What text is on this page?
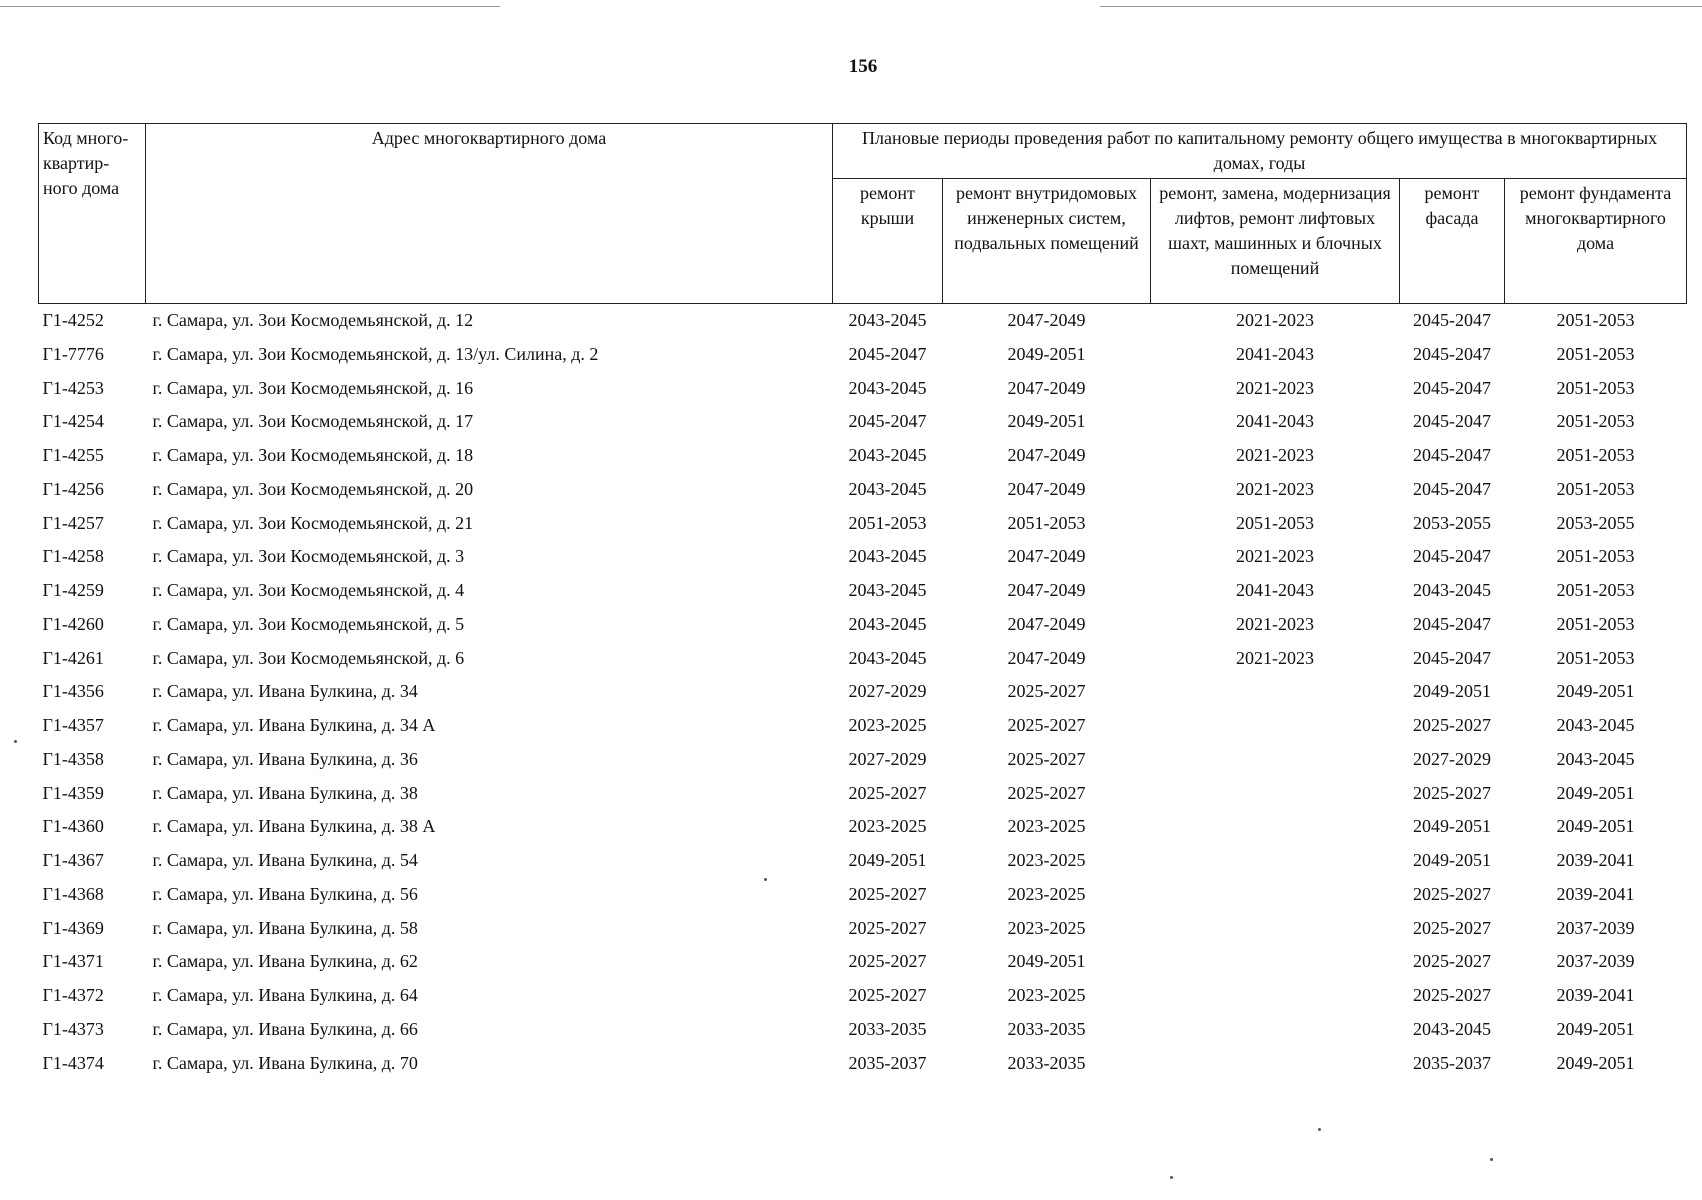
156
Код много-квартир-ного дома	Адрес многоквартирного дома	Плановые периоды проведения работ по капитальному ремонту общего имущества в многоквартирных домах, годы				
		ремонт крыши	ремонт внутридомовых инженерных систем, подвальных помещений	ремонт, замена, модернизация лифтов, ремонт лифтовых шахт, машинных и блочных помещений	ремонт фасада	ремонт фундамента многоквартирного дома
Г1-4252	г. Самара, ул. Зои Космодемьянской, д. 12	2043-2045	2047-2049	2021-2023	2045-2047	2051-2053
Г1-7776	г. Самара, ул. Зои Космодемьянской, д. 13/ул. Силина, д. 2	2045-2047	2049-2051	2041-2043	2045-2047	2051-2053
Г1-4253	г. Самара, ул. Зои Космодемьянской, д. 16	2043-2045	2047-2049	2021-2023	2045-2047	2051-2053
Г1-4254	г. Самара, ул. Зои Космодемьянской, д. 17	2045-2047	2049-2051	2041-2043	2045-2047	2051-2053
Г1-4255	г. Самара, ул. Зои Космодемьянской, д. 18	2043-2045	2047-2049	2021-2023	2045-2047	2051-2053
Г1-4256	г. Самара, ул. Зои Космодемьянской, д. 20	2043-2045	2047-2049	2021-2023	2045-2047	2051-2053
Г1-4257	г. Самара, ул. Зои Космодемьянской, д. 21	2051-2053	2051-2053	2051-2053	2053-2055	2053-2055
Г1-4258	г. Самара, ул. Зои Космодемьянской, д. 3	2043-2045	2047-2049	2021-2023	2045-2047	2051-2053
Г1-4259	г. Самара, ул. Зои Космодемьянской, д. 4	2043-2045	2047-2049	2041-2043	2043-2045	2051-2053
Г1-4260	г. Самара, ул. Зои Космодемьянской, д. 5	2043-2045	2047-2049	2021-2023	2045-2047	2051-2053
Г1-4261	г. Самара, ул. Зои Космодемьянской, д. 6	2043-2045	2047-2049	2021-2023	2045-2047	2051-2053
Г1-4356	г. Самара, ул. Ивана Булкина, д. 34	2027-2029	2025-2027		2049-2051	2049-2051
Г1-4357	г. Самара, ул. Ивана Булкина, д. 34 А	2023-2025	2025-2027		2025-2027	2043-2045
Г1-4358	г. Самара, ул. Ивана Булкина, д. 36	2027-2029	2025-2027		2027-2029	2043-2045
Г1-4359	г. Самара, ул. Ивана Булкина, д. 38	2025-2027	2025-2027		2025-2027	2049-2051
Г1-4360	г. Самара, ул. Ивана Булкина, д. 38 А	2023-2025	2023-2025		2049-2051	2049-2051
Г1-4367	г. Самара, ул. Ивана Булкина, д. 54	2049-2051	2023-2025		2049-2051	2039-2041
Г1-4368	г. Самара, ул. Ивана Булкина, д. 56	2025-2027	2023-2025		2025-2027	2039-2041
Г1-4369	г. Самара, ул. Ивана Булкина, д. 58	2025-2027	2023-2025		2025-2027	2037-2039
Г1-4371	г. Самара, ул. Ивана Булкина, д. 62	2025-2027	2049-2051		2025-2027	2037-2039
Г1-4372	г. Самара, ул. Ивана Булкина, д. 64	2025-2027	2023-2025		2025-2027	2039-2041
Г1-4373	г. Самара, ул. Ивана Булкина, д. 66	2033-2035	2033-2035		2043-2045	2049-2051
Г1-4374	г. Самара, ул. Ивана Булкина, д. 70	2035-2037	2033-2035		2035-2037	2049-2051
